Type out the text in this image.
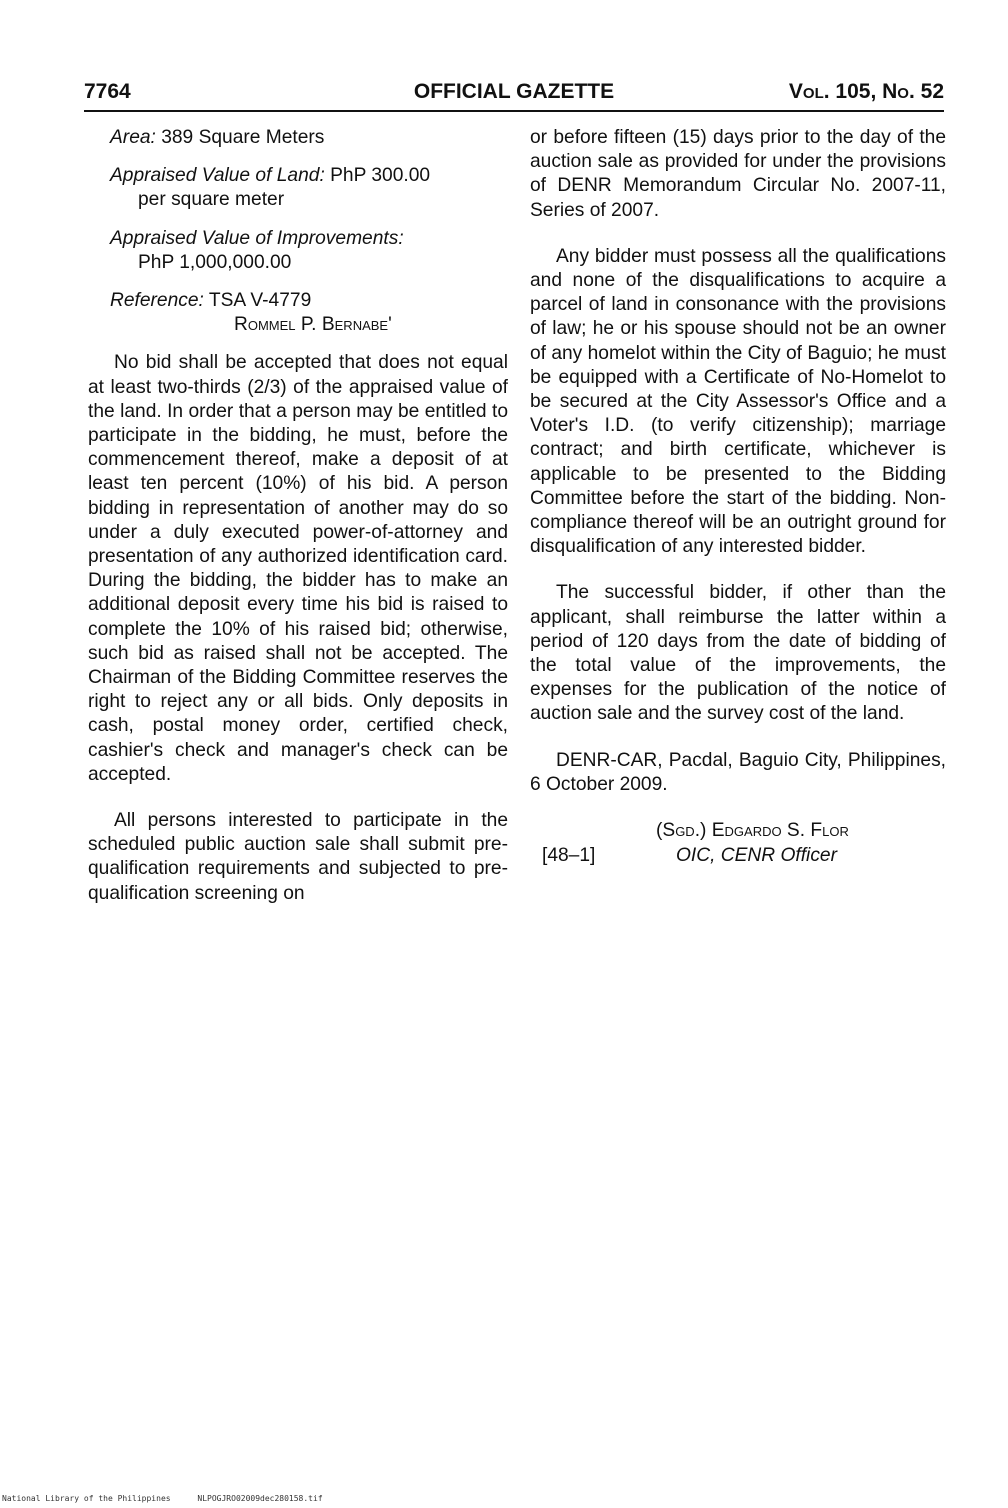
7764	OFFICIAL GAZETTE	Vol. 105, No. 52
Area: 389 Square Meters
Appraised Value of Land: PhP 300.00
per square meter
Appraised Value of Improvements:
PhP 1,000,000.00
Reference: TSA V-4779
Rommel P. Bernabe'

No bid shall be accepted that does not equal at least two-thirds (2/3) of the appraised value of the land. In order that a person may be entitled to participate in the bidding, he must, before the commencement thereof, make a deposit of at least ten percent (10%) of his bid. A person bidding in representation of another may do so under a duly executed power-of-attorney and presentation of any authorized identification card. During the bidding, the bidder has to make an additional deposit every time his bid is raised to complete the 10% of his raised bid; otherwise, such bid as raised shall not be accepted. The Chairman of the Bidding Committee reserves the right to reject any or all bids. Only deposits in cash, postal money order, certified check, cashier's check and manager's check can be accepted.

All persons interested to participate in the scheduled public auction sale shall submit pre-qualification requirements and subjected to pre-qualification screening on

or before fifteen (15) days prior to the day of the auction sale as provided for under the provisions of DENR Memorandum Circular No. 2007-11, Series of 2007.

Any bidder must possess all the qualifications and none of the disqualifications to acquire a parcel of land in consonance with the provisions of law; he or his spouse should not be an owner of any homelot within the City of Baguio; he must be equipped with a Certificate of No-Homelot to be secured at the City Assessor's Office and a Voter's I.D. (to verify citizenship); marriage contract; and birth certificate, whichever is applicable to be presented to the Bidding Committee before the start of the bidding. Non-compliance thereof will be an outright ground for disqualification of any interested bidder.

The successful bidder, if other than the applicant, shall reimburse the latter within a period of 120 days from the date of bidding of the total value of the improvements, the expenses for the publication of the notice of auction sale and the survey cost of the land.

DENR-CAR, Pacdal, Baguio City, Philippines, 6 October 2009.

(Sgd.) Edgardo S. Flor
[48–1]	OIC, CENR Officer
National Library of the Philippines	NLPOGJRO02009dec280158.tif
